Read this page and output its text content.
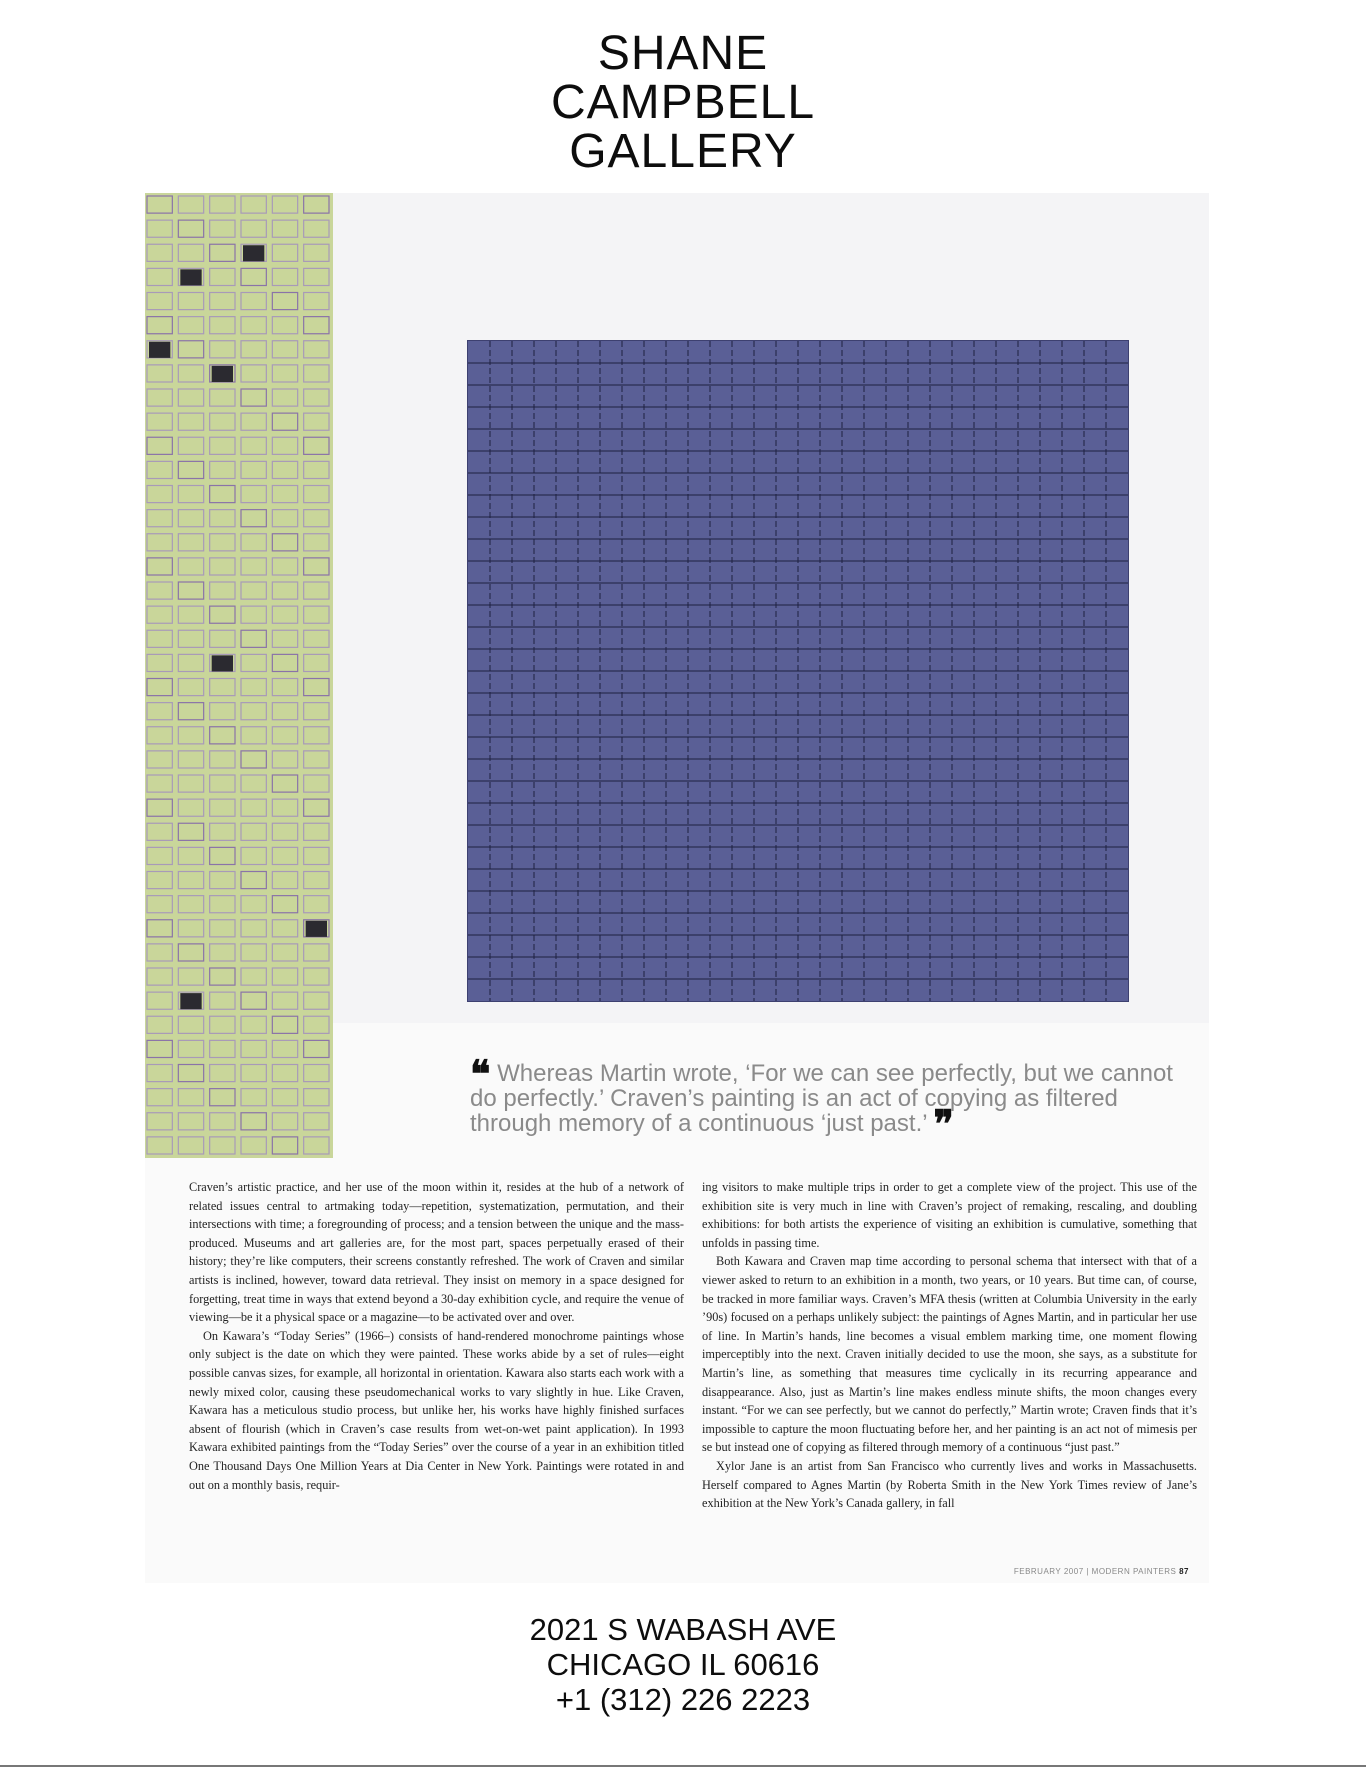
SHANE
CAMPBELL
GALLERY
❝ Whereas Martin wrote, ‘For we can see perfectly, but we cannot do perfectly.’ Craven’s painting is an act of copying as filtered through memory of a continuous ‘just past.’ ❞

Craven’s artistic practice, and her use of the moon within it, resides at the hub of a network of related issues central to artmaking today—repetition, systematization, permutation, and their intersections with time; a foregrounding of process; and a tension between the unique and the mass-produced. Museums and art galleries are, for the most part, spaces perpetually erased of their history; they’re like computers, their screens constantly refreshed. The work of Craven and similar artists is inclined, however, toward data retrieval. They insist on memory in a space designed for forgetting, treat time in ways that extend beyond a 30-day exhibition cycle, and require the venue of viewing—be it a physical space or a magazine—to be activated over and over.

On Kawara’s “Today Series” (1966–) consists of hand-rendered monochrome paintings whose only subject is the date on which they were painted. These works abide by a set of rules—eight possible canvas sizes, for example, all horizontal in orientation. Kawara also starts each work with a newly mixed color, causing these pseudomechanical works to vary slightly in hue. Like Craven, Kawara has a meticulous studio process, but unlike her, his works have highly finished surfaces absent of flourish (which in Craven’s case results from wet-on-wet paint application). In 1993 Kawara exhibited paintings from the “Today Series” over the course of a year in an exhibition titled One Thousand Days One Million Years at Dia Center in New York. Paintings were rotated in and out on a monthly basis, requir-

ing visitors to make multiple trips in order to get a complete view of the project. This use of the exhibition site is very much in line with Craven’s project of remaking, rescaling, and doubling exhibitions: for both artists the experience of visiting an exhibition is cumulative, something that unfolds in passing time.

Both Kawara and Craven map time according to personal schema that intersect with that of a viewer asked to return to an exhibition in a month, two years, or 10 years. But time can, of course, be tracked in more familiar ways. Craven’s MFA thesis (written at Columbia University in the early ’90s) focused on a perhaps unlikely subject: the paintings of Agnes Martin, and in particular her use of line. In Martin’s hands, line becomes a visual emblem marking time, one moment flowing imperceptibly into the next. Craven initially decided to use the moon, she says, as a substitute for Martin’s line, as something that measures time cyclically in its recurring appearance and disappearance. Also, just as Martin’s line makes endless minute shifts, the moon changes every instant. “For we can see perfectly, but we cannot do perfectly,” Martin wrote; Craven finds that it’s impossible to capture the moon fluctuating before her, and her painting is an act not of mimesis per se but instead one of copying as filtered through memory of a continuous “just past.”

Xylor Jane is an artist from San Francisco who currently lives and works in Massachusetts. Herself compared to Agnes Martin (by Roberta Smith in the New York Times review of Jane’s exhibition at the New York’s Canada gallery, in fall

FEBRUARY 2007 | MODERN PAINTERS 87
2021 S WABASH AVE
CHICAGO IL 60616
+1 (312) 226 2223
